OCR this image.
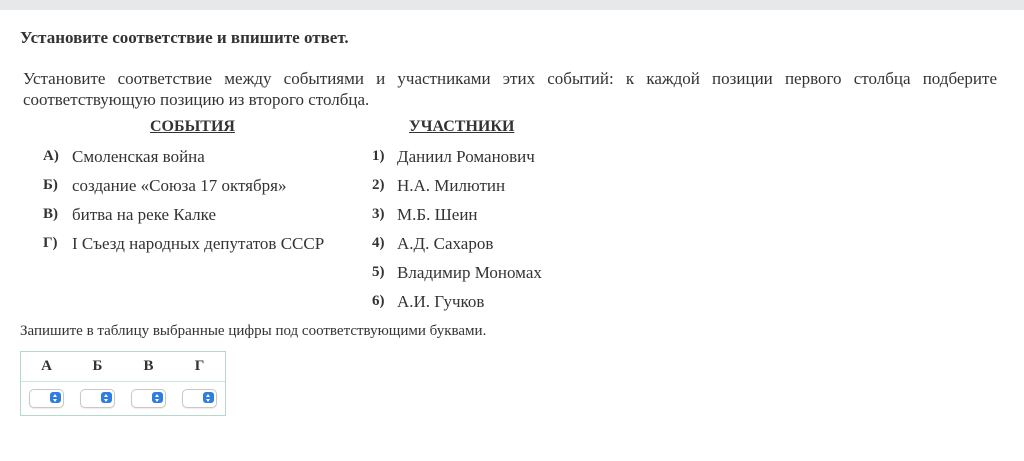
Установите соответствие и впишите ответ.
Установите соответствие между событиями и участниками этих событий: к каждой позиции первого столбца подберите соответствующую позицию из второго столбца.
СОБЫТИЯ	УЧАСТНИКИ
А) Смоленская война
Б) создание «Союза 17 октября»
В) битва на реке Калке
Г) I Съезд народных депутатов СССР
1) Даниил Романович
2) Н.А. Милютин
3) М.Б. Шеин
4) А.Д. Сахаров
5) Владимир Мономах
6) А.И. Гучков
Запишите в таблицу выбранные цифры под соответствующими буквами.
А	Б	В	Г
